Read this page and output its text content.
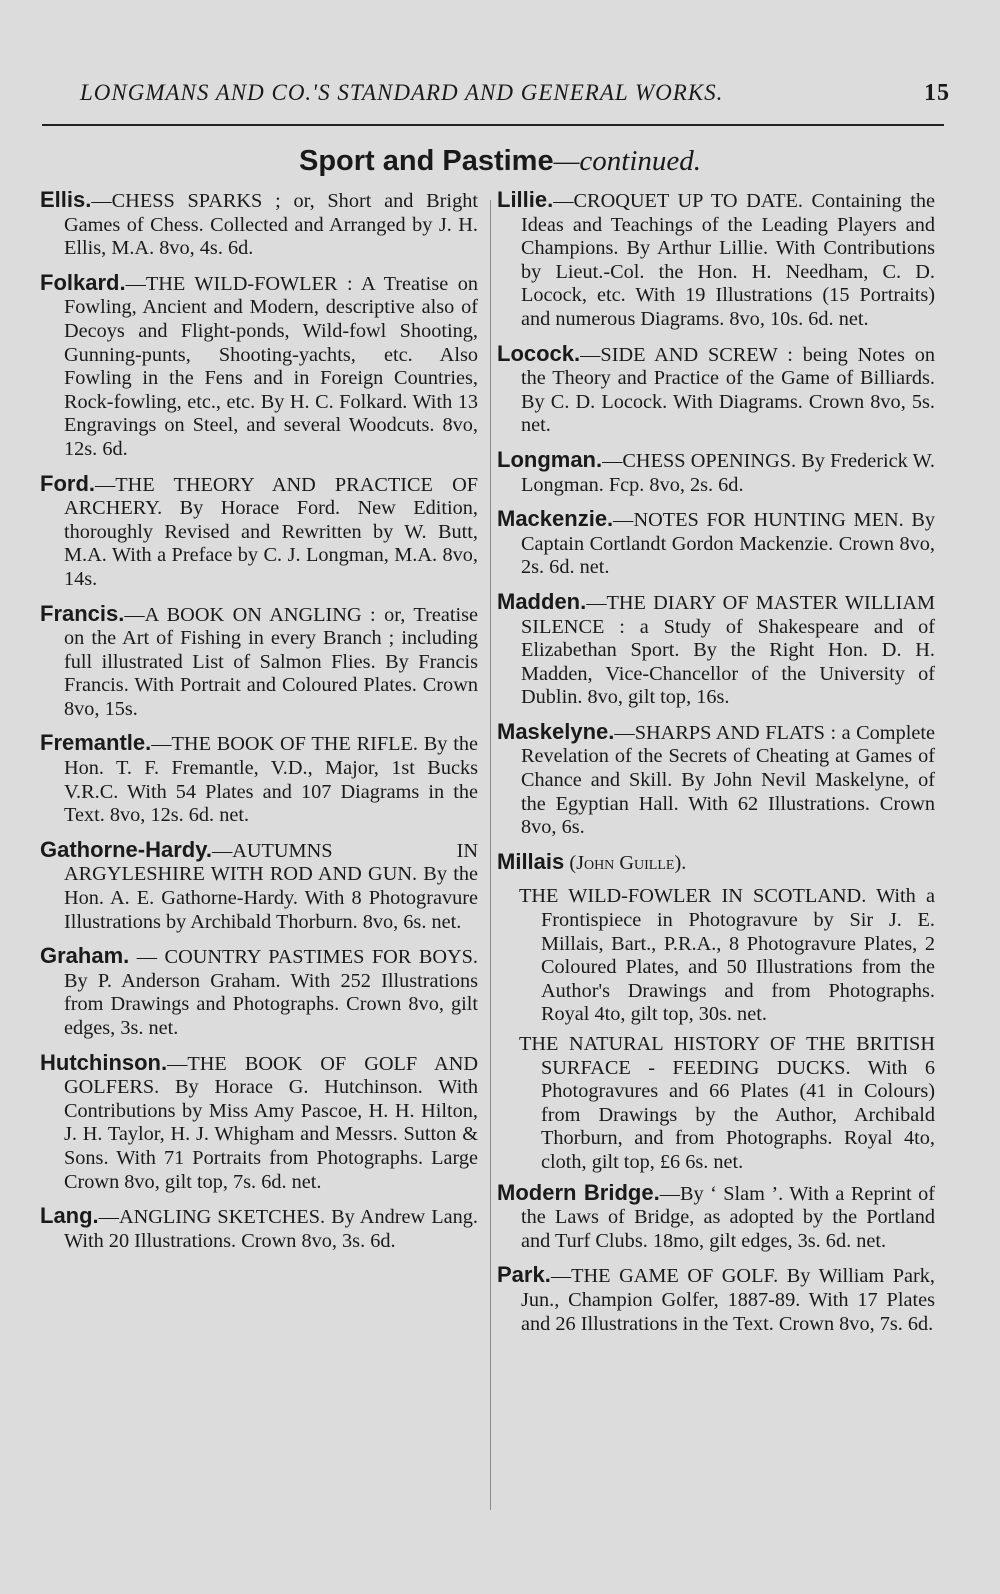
LONGMANS AND CO.'S STANDARD AND GENERAL WORKS.	15
Sport and Pastime—continued.

Ellis.—CHESS SPARKS ; or, Short and Bright Games of Chess. Collected and Arranged by J. H. Ellis, M.A. 8vo, 4s. 6d.

Folkard.—THE WILD-FOWLER : A Treatise on Fowling, Ancient and Modern, descriptive also of Decoys and Flight-ponds, Wild-fowl Shooting, Gunning-punts, Shooting-yachts, etc. Also Fowling in the Fens and in Foreign Countries, Rock-fowling, etc., etc. By H. C. Folkard. With 13 Engravings on Steel, and several Woodcuts. 8vo, 12s. 6d.

Ford.—THE THEORY AND PRACTICE OF ARCHERY. By Horace Ford. New Edition, thoroughly Revised and Rewritten by W. Butt, M.A. With a Preface by C. J. Longman, M.A. 8vo, 14s.

Francis.—A BOOK ON ANGLING : or, Treatise on the Art of Fishing in every Branch ; including full illustrated List of Salmon Flies. By Francis Francis. With Portrait and Coloured Plates. Crown 8vo, 15s.

Fremantle.—THE BOOK OF THE RIFLE. By the Hon. T. F. Fremantle, V.D., Major, 1st Bucks V.R.C. With 54 Plates and 107 Diagrams in the Text. 8vo, 12s. 6d. net.

Gathorne-Hardy.—AUTUMNS IN ARGYLESHIRE WITH ROD AND GUN. By the Hon. A. E. Gathorne-Hardy. With 8 Photogravure Illustrations by Archibald Thorburn. 8vo, 6s. net.

Graham. — COUNTRY PASTIMES FOR BOYS. By P. Anderson Graham. With 252 Illustrations from Drawings and Photographs. Crown 8vo, gilt edges, 3s. net.

Hutchinson.—THE BOOK OF GOLF AND GOLFERS. By Horace G. Hutchinson. With Contributions by Miss Amy Pascoe, H. H. Hilton, J. H. Taylor, H. J. Whigham and Messrs. Sutton & Sons. With 71 Portraits from Photographs. Large Crown 8vo, gilt top, 7s. 6d. net.

Lang.—ANGLING SKETCHES. By Andrew Lang. With 20 Illustrations. Crown 8vo, 3s. 6d.

Lillie.—CROQUET UP TO DATE. Containing the Ideas and Teachings of the Leading Players and Champions. By Arthur Lillie. With Contributions by Lieut.-Col. the Hon. H. Needham, C. D. Locock, etc. With 19 Illustrations (15 Portraits) and numerous Diagrams. 8vo, 10s. 6d. net.

Locock.—SIDE AND SCREW : being Notes on the Theory and Practice of the Game of Billiards. By C. D. Locock. With Diagrams. Crown 8vo, 5s. net.

Longman.—CHESS OPENINGS. By Frederick W. Longman. Fcp. 8vo, 2s. 6d.

Mackenzie.—NOTES FOR HUNTING MEN. By Captain Cortlandt Gordon Mackenzie. Crown 8vo, 2s. 6d. net.

Madden.—THE DIARY OF MASTER WILLIAM SILENCE : a Study of Shakespeare and of Elizabethan Sport. By the Right Hon. D. H. Madden, Vice-Chancellor of the University of Dublin. 8vo, gilt top, 16s.

Maskelyne.—SHARPS AND FLATS : a Complete Revelation of the Secrets of Cheating at Games of Chance and Skill. By John Nevil Maskelyne, of the Egyptian Hall. With 62 Illustrations. Crown 8vo, 6s.

Millais (John Guille).

THE WILD-FOWLER IN SCOTLAND. With a Frontispiece in Photogravure by Sir J. E. Millais, Bart., P.R.A., 8 Photogravure Plates, 2 Coloured Plates, and 50 Illustrations from the Author's Drawings and from Photographs. Royal 4to, gilt top, 30s. net.

THE NATURAL HISTORY OF THE BRITISH SURFACE - FEEDING DUCKS. With 6 Photogravures and 66 Plates (41 in Colours) from Drawings by the Author, Archibald Thorburn, and from Photographs. Royal 4to, cloth, gilt top, £6 6s. net.

Modern Bridge.—By ‘ Slam ’. With a Reprint of the Laws of Bridge, as adopted by the Portland and Turf Clubs. 18mo, gilt edges, 3s. 6d. net.

Park.—THE GAME OF GOLF. By William Park, Jun., Champion Golfer, 1887-89. With 17 Plates and 26 Illustrations in the Text. Crown 8vo, 7s. 6d.
